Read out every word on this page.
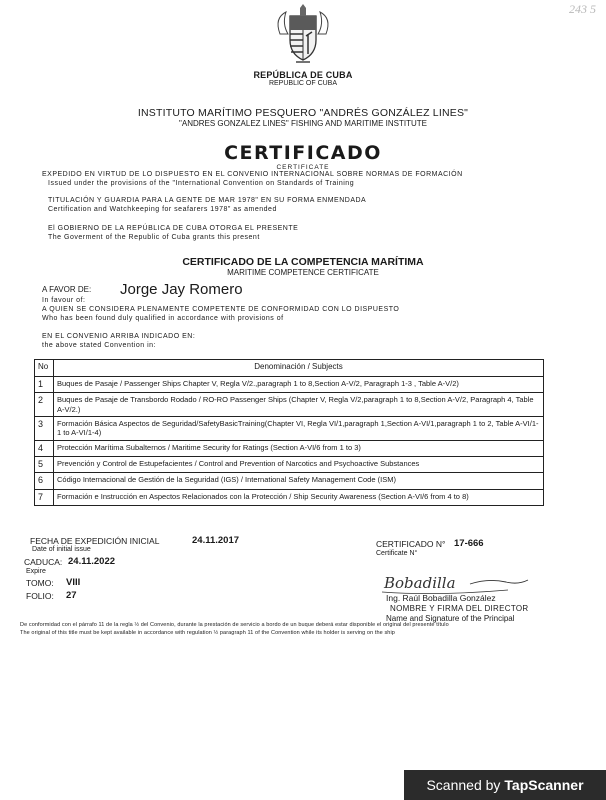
243 5
REPÚBLICA DE CUBA
REPUBLIC OF CUBA
INSTITUTO MARÍTIMO PESQUERO "ANDRÉS GONZÁLEZ LINES"
"ANDRES GONZALEZ LINES" FISHING AND MARITIME INSTITUTE
CERTIFICADO
CERTIFICATE
EXPEDIDO EN VIRTUD DE LO DISPUESTO EN EL CONVENIO INTERNACIONAL SOBRE NORMAS DE FORMACIÓN
Issued under the provisions of the "International Convention on Standards of Training
TITULACIÓN Y GUARDIA PARA LA GENTE DE MAR 1978" EN SU FORMA ENMENDADA
Certification and Watchkeeping for seafarers 1978" as amended
El GOBIERNO DE LA REPÚBLICA DE CUBA OTORGA EL PRESENTE
The Goverment of the Republic of Cuba grants this present
CERTIFICADO DE LA COMPETENCIA MARÍTIMA
MARITIME COMPETENCE CERTIFICATE
A FAVOR DE: Jorge Jay Romero
In favour of:
A QUIEN SE CONSIDERA PLENAMENTE COMPETENTE DE CONFORMIDAD CON LO DISPUESTO
Who has been found duly qualified in accordance with provisions of
EN EL CONVENIO ARRIBA INDICADO EN:
the above stated Convention in:
No	Denominación / Subjects
1	Buques de Pasaje / Passenger Ships Chapter V, Regla V/2.,paragraph 1 to 8,Section A-V/2, Paragraph 1-3 , Table A-V/2)
2	Buques de Pasaje de Transbordo Rodado / RO-RO Passenger Ships (Chapter V, Regla V/2,paragraph 1 to 8,Section A-V/2, Paragraph 4, Table A-V/2.)
3	Formación Básica Aspectos de Seguridad/SafetyBasicTraining(Chapter VI, Regla VI/1,paragraph 1,Section A-VI/1,paragraph 1 to 2, Table A-VI/1-1 to A-VI/1-4)
4	Protección Marítima Subalternos / Maritime Security for Ratings (Section A-VI/6 from 1 to 3)
5	Prevención y Control de Estupefacientes / Control and Prevention of Narcotics and Psychoactive Substances
6	Código Internacional de Gestión de la Seguridad (IGS) / International Safety Management Code (ISM)
7	Formación e Instrucción en Aspectos Relacionados con la Protección / Ship Security Awareness (Section A-VI/6 from 4 to 8)
FECHA DE EXPEDICIÓN INICIAL	24.11.2017
Date of initial issue
CADUCA: 24.11.2022
Expire
TOMO: VIII
FOLIO: 27
CERTIFICADO N° 17-666
Certificate N°
Bobadilla
Ing. Raúl Bobadilla González
NOMBRE Y FIRMA DEL DIRECTOR
Name and Signature of the Principal
De conformidad con el párrafo 11 de la regla ½ del Convenio, durante la prestación de servicio a bordo de un buque deberá estar disponible el original del presente título
The original of this title must be kept available in accordance with regulation ½ paragraph 11 of the Convention while its holder is serving on the ship
Scanned by TapScanner
